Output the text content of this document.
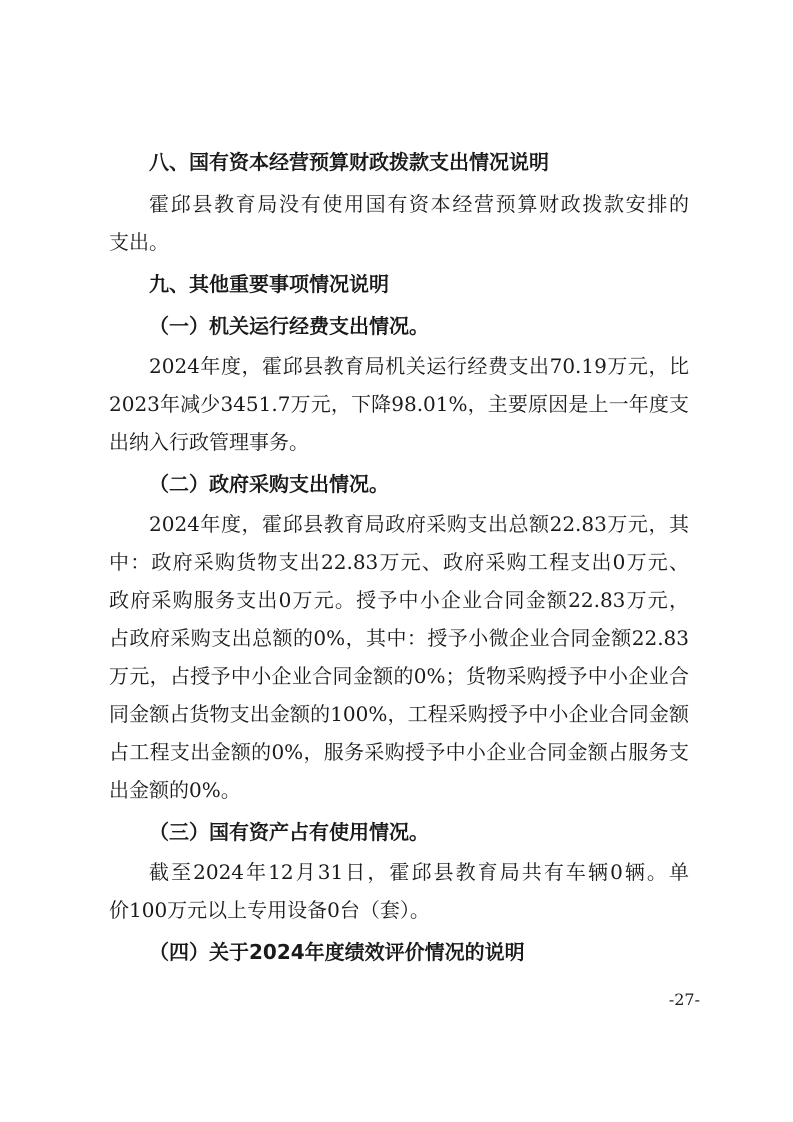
八、国有资本经营预算财政拨款支出情况说明
霍邱县教育局没有使用国有资本经营预算财政拨款安排的
支出。
九、其他重要事项情况说明
（一）机关运行经费支出情况。
2024年度，霍邱县教育局机关运行经费支出70.19万元，比
2023年减少3451.7万元，下降98.01%，主要原因是上一年度支
出纳入行政管理事务。
（二）政府采购支出情况。
2024年度，霍邱县教育局政府采购支出总额22.83万元，其
中：政府采购货物支出22.83万元、政府采购工程支出0万元、
政府采购服务支出0万元。授予中小企业合同金额22.83万元，
占政府采购支出总额的0%，其中：授予小微企业合同金额22.83
万元，占授予中小企业合同金额的0%；货物采购授予中小企业合
同金额占货物支出金额的100%，工程采购授予中小企业合同金额
占工程支出金额的0%，服务采购授予中小企业合同金额占服务支
出金额的0%。
（三）国有资产占有使用情况。
截至2024年12月31日，霍邱县教育局共有车辆0辆。单
价100万元以上专用设备0台（套）。
（四）关于2024年度绩效评价情况的说明
-27-
